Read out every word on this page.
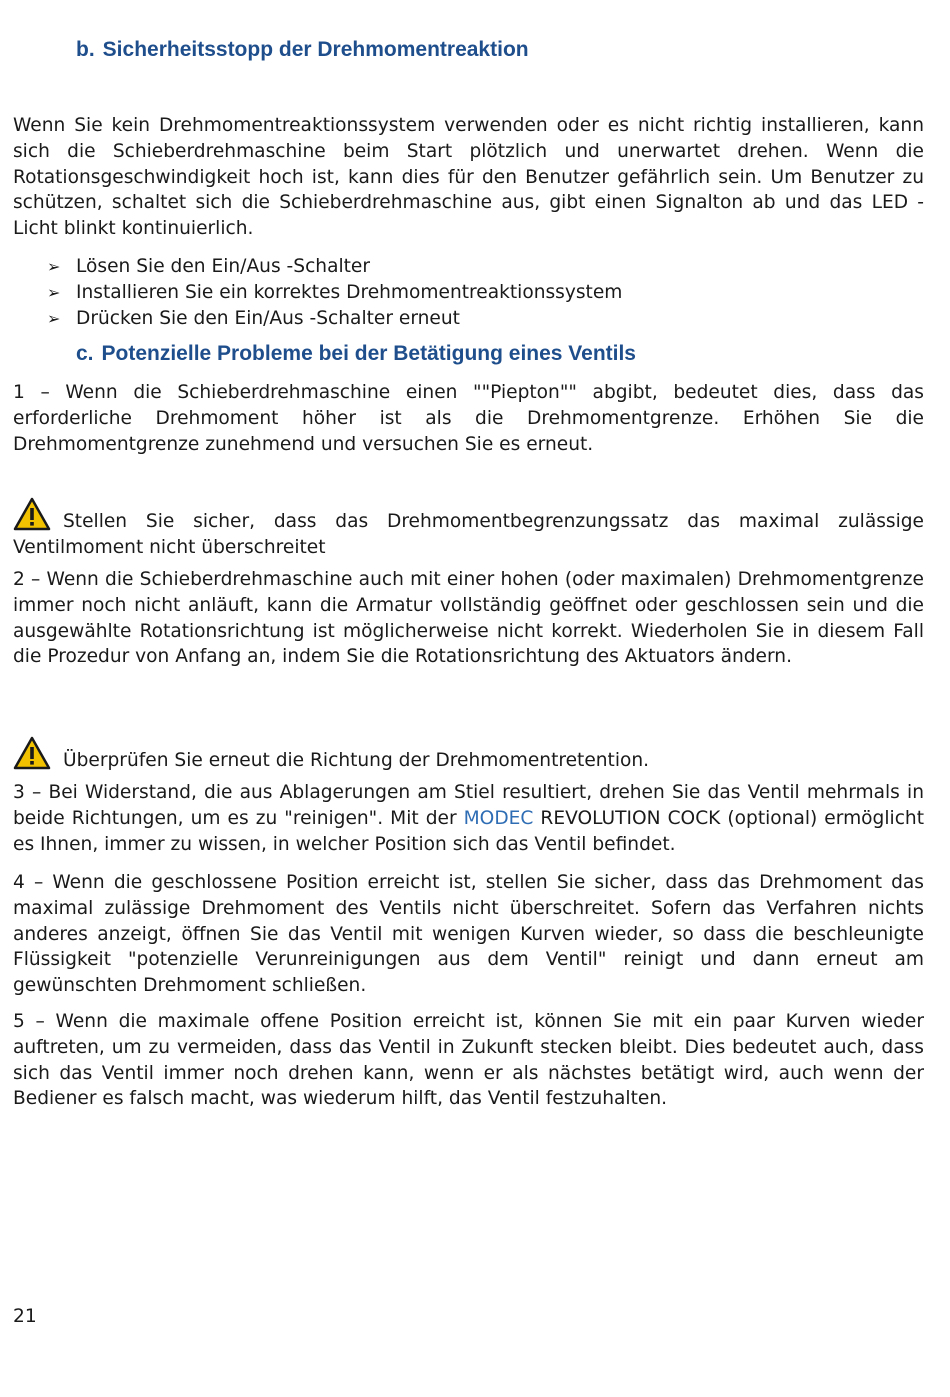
b. Sicherheitsstopp der Drehmomentreaktion

Wenn Sie kein Drehmomentreaktionssystem verwenden oder es nicht richtig installieren, kann sich die Schieberdrehmaschine beim Start plötzlich und unerwartet drehen. Wenn die Rotationsgeschwindigkeit hoch ist, kann dies für den Benutzer gefährlich sein. Um Benutzer zu schützen, schaltet sich die Schieberdrehmaschine aus, gibt einen Signalton ab und das LED - Licht blinkt kontinuierlich.

➢ Lösen Sie den Ein/Aus -Schalter
➢ Installieren Sie ein korrektes Drehmomentreaktionssystem
➢ Drücken Sie den Ein/Aus -Schalter erneut
c. Potenzielle Probleme bei der Betätigung eines Ventils

1 – Wenn die Schieberdrehmaschine einen ""Piepton"" abgibt, bedeutet dies, dass das erforderliche Drehmoment höher ist als die Drehmomentgrenze. Erhöhen Sie die Drehmomentgrenze zunehmend und versuchen Sie es erneut.

Stellen Sie sicher, dass das Drehmomentbegrenzungssatz das maximal zulässige Ventilmoment nicht überschreitet

2 – Wenn die Schieberdrehmaschine auch mit einer hohen (oder maximalen) Drehmomentgrenze immer noch nicht anläuft, kann die Armatur vollständig geöffnet oder geschlossen sein und die ausgewählte Rotationsrichtung ist möglicherweise nicht korrekt. Wiederholen Sie in diesem Fall die Prozedur von Anfang an, indem Sie die Rotationsrichtung des Aktuators ändern.

Überprüfen Sie erneut die Richtung der Drehmomentretention.

3 – Bei Widerstand, die aus Ablagerungen am Stiel resultiert, drehen Sie das Ventil mehrmals in beide Richtungen, um es zu "reinigen". Mit der MODEC REVOLUTION COCK (optional) ermöglicht es Ihnen, immer zu wissen, in welcher Position sich das Ventil befindet.

4 – Wenn die geschlossene Position erreicht ist, stellen Sie sicher, dass das Drehmoment das maximal zulässige Drehmoment des Ventils nicht überschreitet. Sofern das Verfahren nichts anderes anzeigt, öffnen Sie das Ventil mit wenigen Kurven wieder, so dass die beschleunigte Flüssigkeit "potenzielle Verunreinigungen aus dem Ventil" reinigt und dann erneut am gewünschten Drehmoment schließen.

5 – Wenn die maximale offene Position erreicht ist, können Sie mit ein paar Kurven wieder auftreten, um zu vermeiden, dass das Ventil in Zukunft stecken bleibt. Dies bedeutet auch, dass sich das Ventil immer noch drehen kann, wenn er als nächstes betätigt wird, auch wenn der Bediener es falsch macht, was wiederum hilft, das Ventil festzuhalten.

21
